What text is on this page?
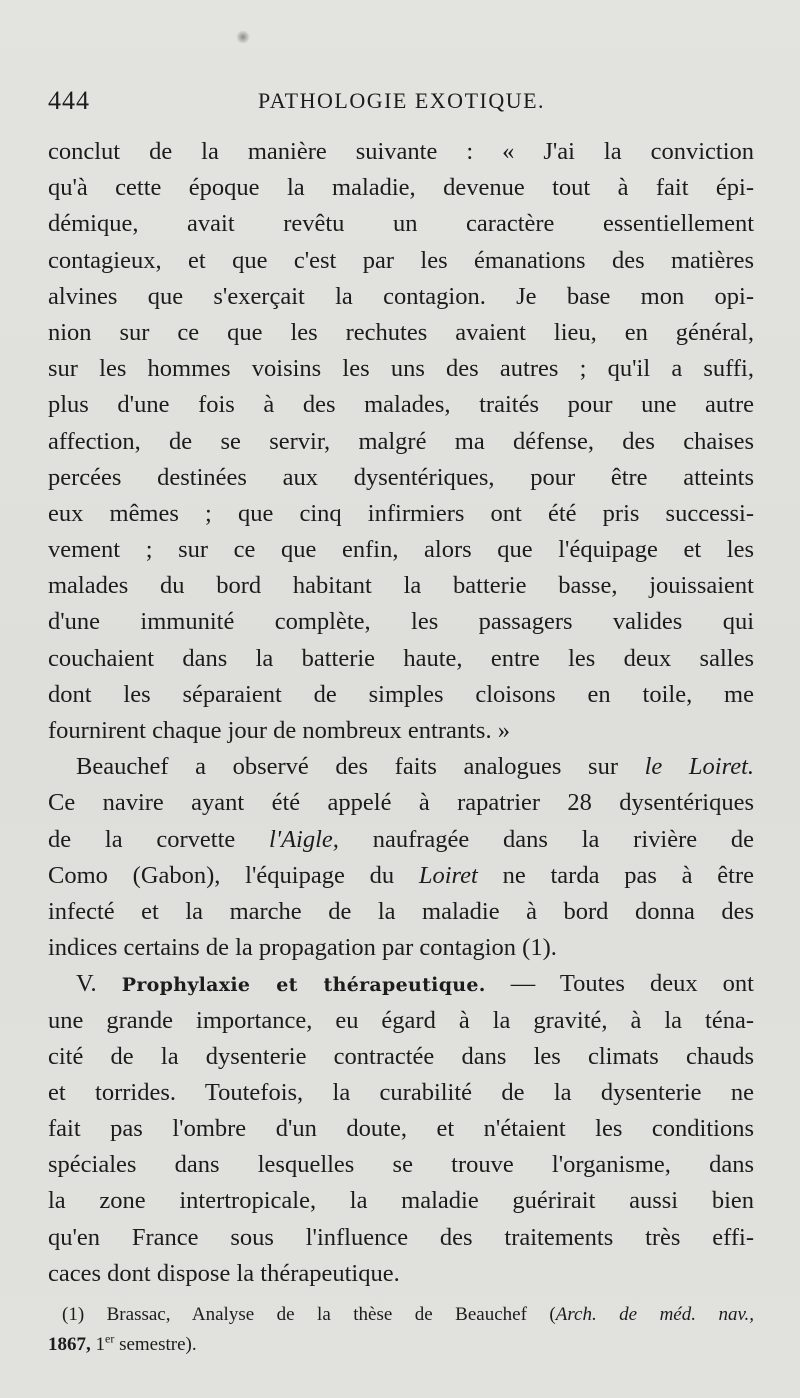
444	PATHOLOGIE EXOTIQUE.
conclut de la manière suivante : « J'ai la conviction
qu'à cette époque la maladie, devenue tout à fait épi-
démique, avait revêtu un caractère essentiellement
contagieux, et que c'est par les émanations des matières
alvines que s'exerçait la contagion. Je base mon opi-
nion sur ce que les rechutes avaient lieu, en général,
sur les hommes voisins les uns des autres ; qu'il a suffi,
plus d'une fois à des malades, traités pour une autre
affection, de se servir, malgré ma défense, des chaises
percées destinées aux dysentériques, pour être atteints
eux mêmes ; que cinq infirmiers ont été pris successi-
vement ; sur ce que enfin, alors que l'équipage et les
malades du bord habitant la batterie basse, jouissaient
d'une immunité complète, les passagers valides qui
couchaient dans la batterie haute, entre les deux salles
dont les séparaient de simples cloisons en toile, me
fournirent chaque jour de nombreux entrants. »
Beauchef a observé des faits analogues sur le Loiret.
Ce navire ayant été appelé à rapatrier 28 dysentériques
de la corvette l'Aigle, naufragée dans la rivière de
Como (Gabon), l'équipage du Loiret ne tarda pas à être
infecté et la marche de la maladie à bord donna des
indices certains de la propagation par contagion (1).
V. Prophylaxie et thérapeutique. — Toutes deux ont
une grande importance, eu égard à la gravité, à la téna-
cité de la dysenterie contractée dans les climats chauds
et torrides. Toutefois, la curabilité de la dysenterie ne
fait pas l'ombre d'un doute, et n'étaient les conditions
spéciales dans lesquelles se trouve l'organisme, dans
la zone intertropicale, la maladie guérirait aussi bien
qu'en France sous l'influence des traitements très effi-
caces dont dispose la thérapeutique.
(1) Brassac, Analyse de la thèse de Beauchef (Arch. de méd. nav.,
1867, 1er semestre).
